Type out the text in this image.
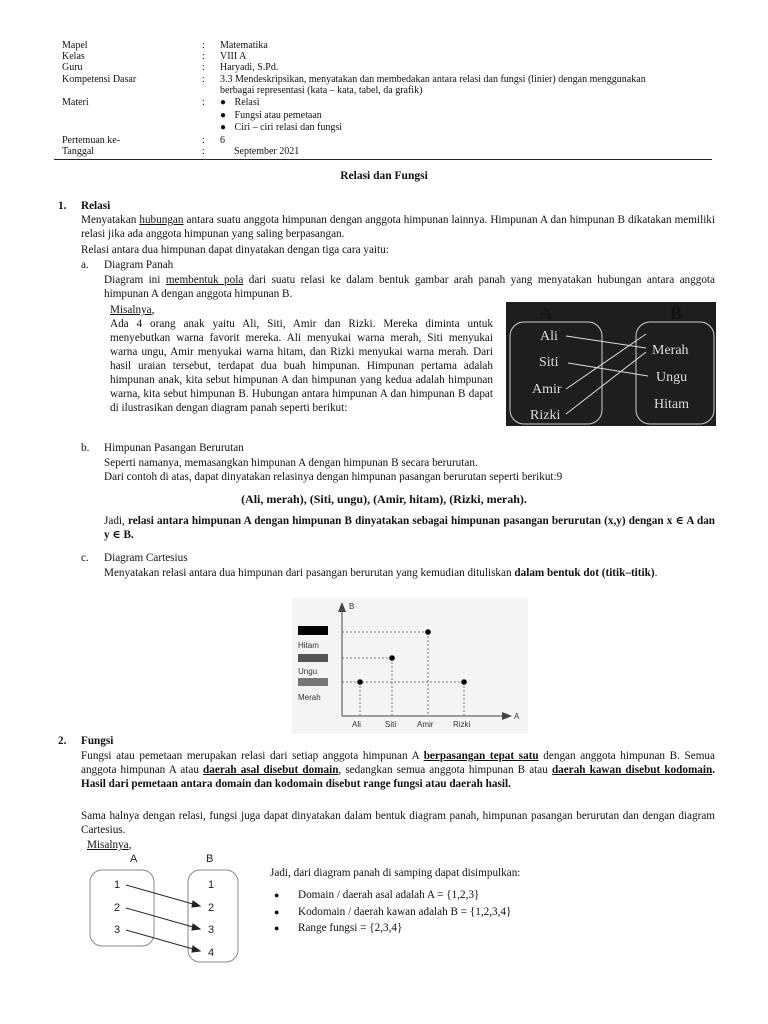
Mapel	: Matematika
Kelas	: VIII A
Guru	: Haryadi, S.Pd.
Kompetensi Dasar	: 3.3 Mendeskripsikan, menyatakan dan membedakan antara relasi dan fungsi (linier) dengan menggunakan berbagai representasi (kata – kata, tabel, da grafik)
Materi	: ● Relasi
● Fungsi atau pemetaan
● Ciri – ciri relasi dan fungsi
Pertemuan ke-	: 6
Tanggal	:	September 2021
Relasi dan Fungsi
1. Relasi
Menyatakan hubungan antara suatu anggota himpunan dengan anggota himpunan lainnya. Himpunan A dan himpunan B dikatakan memiliki relasi jika ada anggota himpunan yang saling berpasangan.
Relasi antara dua himpunan dapat dinyatakan dengan tiga cara yaitu:
a. Diagram Panah
Diagram ini membentuk pola dari suatu relasi ke dalam bentuk gambar arah panah yang menyatakan hubungan antara anggota himpunan A dengan anggota himpunan B.
Misalnya,
Ada 4 orang anak yaitu Ali, Siti, Amir dan Rizki. Mereka diminta untuk menyebutkan warna favorit mereka. Ali menyukai warna merah, Siti menyukai warna ungu, Amir menyukai warna hitam, dan Rizki menyukai warna merah. Dari hasil uraian tersebut, terdapat dua buah himpunan. Himpunan pertama adalah himpunan anak, kita sebut himpunan A dan himpunan yang kedua adalah himpunan warna, kita sebut himpunan B. Hubungan antara himpunan A dan himpunan B dapat di ilustrasikan dengan diagram panah seperti berikut:
A	B
Ali
Siti
Amir
Rizki
Merah
Ungu
Hitam
b. Himpunan Pasangan Berurutan
Seperti namanya, memasangkan himpunan A dengan himpunan B secara berurutan.
Dari contoh di atas, dapat dinyatakan relasinya dengan himpunan pasangan berurutan seperti berikut:9
(Ali, merah), (Siti, ungu), (Amir, hitam), (Rizki, merah).
Jadi, relasi antara himpunan A dengan himpunan B dinyatakan sebagai himpunan pasangan berurutan (x,y) dengan x ∈ A dan y ∈ B.
c. Diagram Cartesius
Menyatakan relasi antara dua himpunan dari pasangan berurutan yang kemudian dituliskan dalam bentuk dot (titik–titik).
B
A
Hitam
Ungu
Merah
Ali	Siti	Amir Rizki
2. Fungsi
Fungsi atau pemetaan merupakan relasi dari setiap anggota himpunan A berpasangan tepat satu dengan anggota himpunan B. Semua anggota himpunan A atau daerah asal disebut domain, sedangkan semua anggota himpunan B atau daerah kawan disebut kodomain. Hasil dari pemetaan antara domain dan kodomain disebut range fungsi atau daerah hasil.
Sama halnya dengan relasi, fungsi juga dapat dinyatakan dalam bentuk diagram panah, himpunan pasangan berurutan dan dengan diagram Cartesius.
Misalnya,
A	B
1
2
3
1
2
3
4
Jadi, dari diagram panah di samping dapat disimpulkan:
● Domain / daerah asal adalah A = {1,2,3}
● Kodomain / daerah kawan adalah B = {1,2,3,4}
● Range fungsi = {2,3,4}
